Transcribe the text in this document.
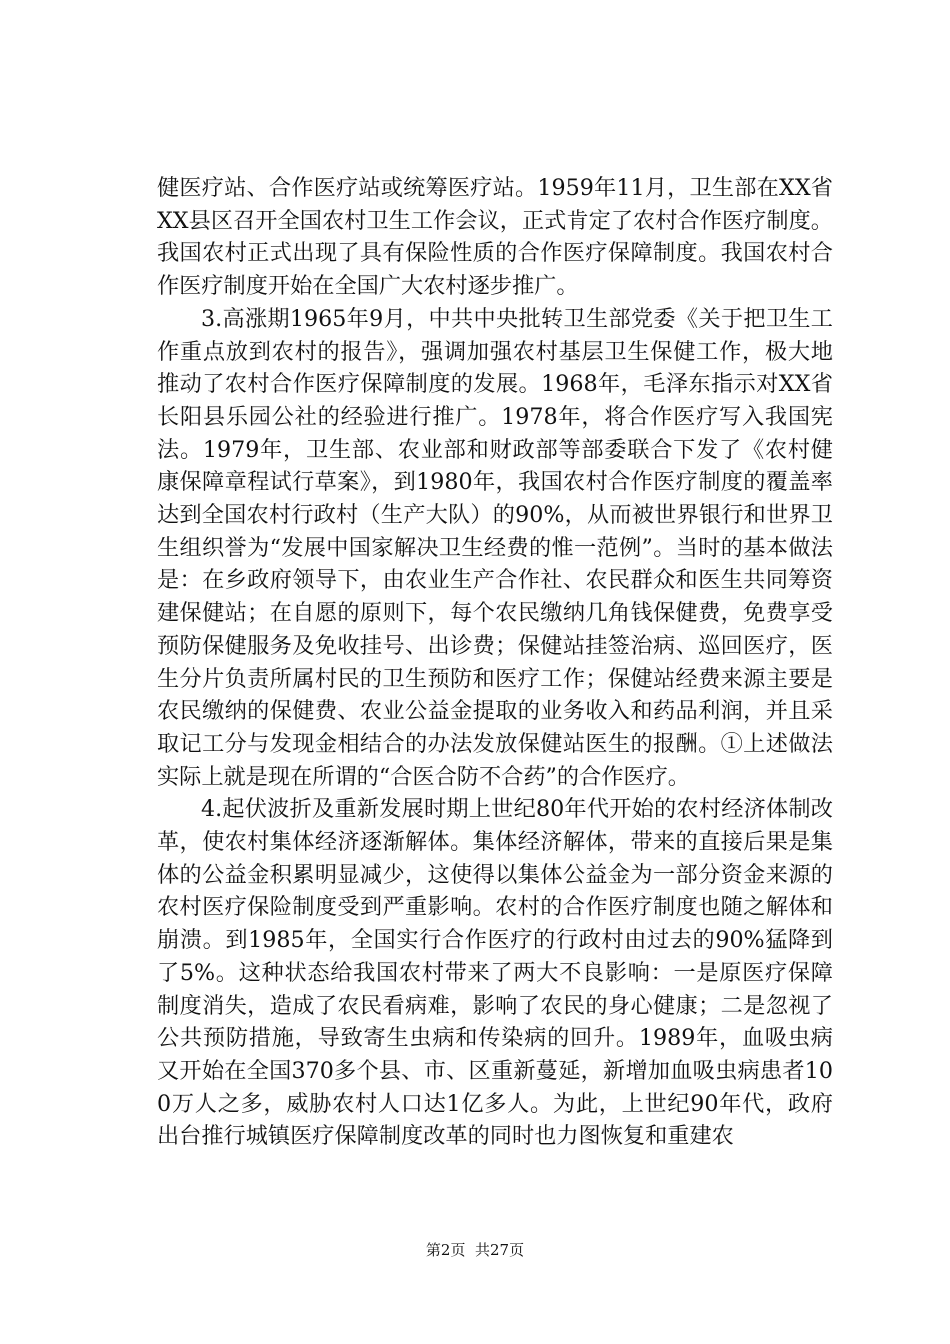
健医疗站、合作医疗站或统筹医疗站。1959年11月，卫生部在XX省XX县区召开全国农村卫生工作会议，正式肯定了农村合作医疗制度。我国农村正式出现了具有保险性质的合作医疗保障制度。我国农村合作医疗制度开始在全国广大农村逐步推广。

3.高涨期1965年9月，中共中央批转卫生部党委《关于把卫生工作重点放到农村的报告》，强调加强农村基层卫生保健工作，极大地推动了农村合作医疗保障制度的发展。1968年，毛泽东指示对XX省长阳县乐园公社的经验进行推广。1978年，将合作医疗写入我国宪法。1979年，卫生部、农业部和财政部等部委联合下发了《农村健康保障章程试行草案》，到1980年，我国农村合作医疗制度的覆盖率达到全国农村行政村（生产大队）的90%，从而被世界银行和世界卫生组织誉为“发展中国家解决卫生经费的惟一范例”。当时的基本做法是：在乡政府领导下，由农业生产合作社、农民群众和医生共同筹资建保健站；在自愿的原则下，每个农民缴纳几角钱保健费，免费享受预防保健服务及免收挂号、出诊费；保健站挂签治病、巡回医疗，医生分片负责所属村民的卫生预防和医疗工作；保健站经费来源主要是农民缴纳的保健费、农业公益金提取的业务收入和药品利润，并且采取记工分与发现金相结合的办法发放保健站医生的报酬。①上述做法实际上就是现在所谓的“合医合防不合药”的合作医疗。

4.起伏波折及重新发展时期上世纪80年代开始的农村经济体制改革，使农村集体经济逐渐解体。集体经济解体，带来的直接后果是集体的公益金积累明显减少，这使得以集体公益金为一部分资金来源的农村医疗保险制度受到严重影响。农村的合作医疗制度也随之解体和崩溃。到1985年，全国实行合作医疗的行政村由过去的90%猛降到了5%。这种状态给我国农村带来了两大不良影响：一是原医疗保障制度消失，造成了农民看病难，影响了农民的身心健康；二是忽视了公共预防措施，导致寄生虫病和传染病的回升。1989年，血吸虫病又开始在全国370多个县、市、区重新蔓延，新增加血吸虫病患者100万人之多，威胁农村人口达1亿多人。为此，上世纪90年代，政府出台推行城镇医疗保障制度改革的同时也力图恢复和重建农

第2页  共27页
